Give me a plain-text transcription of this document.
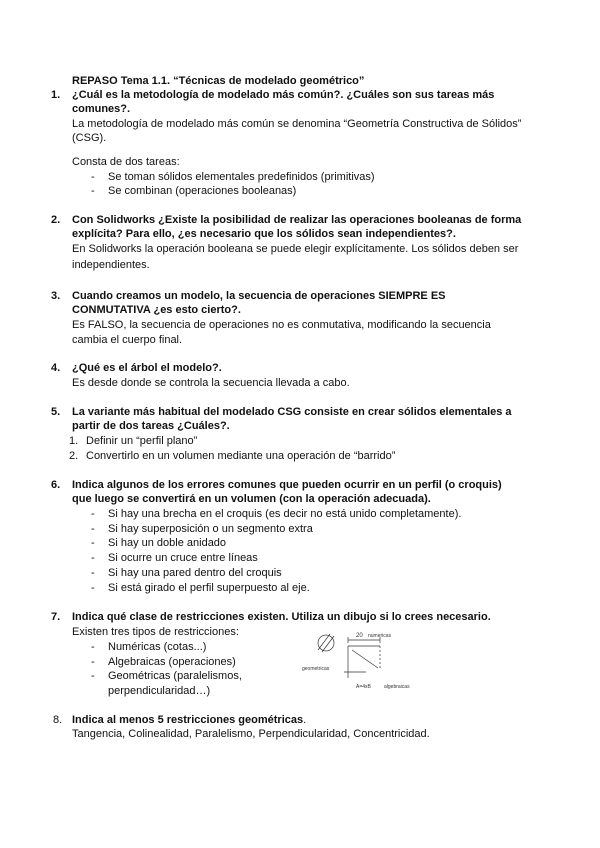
REPASO Tema 1.1. “Técnicas de modelado geométrico”
1. ¿Cuál es la metodología de modelado más común?. ¿Cuáles son sus tareas más
comunes?.
La metodología de modelado más común se denomina “Geometría Constructiva de Sólidos”
(CSG).
Consta de dos tareas:
- Se toman sólidos elementales predefinidos (primitivas)
- Se combinan (operaciones booleanas)
2. Con Solidworks ¿Existe la posibilidad de realizar las operaciones booleanas de forma
explícita? Para ello, ¿es necesario que los sólidos sean independientes?.
En Solidworks la operación booleana se puede elegir explícitamente. Los sólidos deben ser
independientes.
3. Cuando creamos un modelo, la secuencia de operaciones SIEMPRE ES
CONMUTATIVA ¿es esto cierto?.
Es FALSO, la secuencia de operaciones no es conmutativa, modificando la secuencia
cambia el cuerpo final.
4. ¿Qué es el árbol el modelo?.
Es desde donde se controla la secuencia llevada a cabo.
5. La variante más habitual del modelado CSG consiste en crear sólidos elementales a
partir de dos tareas ¿Cuáles?.
1. Definir un “perfil plano”
2. Convertirlo en un volumen mediante una operación de “barrido”
6. Indica algunos de los errores comunes que pueden ocurrir en un perfil (o croquis)
que luego se convertirá en un volumen (con la operación adecuada).
- Si hay una brecha en el croquis (es decir no está unido completamente).
- Si hay superposición o un segmento extra
- Si hay un doble anidado
- Si ocurre un cruce entre líneas
- Si hay una pared dentro del croquis
- Si está girado el perfil superpuesto al eje.
7. Indica qué clase de restricciones existen. Utiliza un dibujo si lo crees necesario.
Existen tres tipos de restricciones:
- Numéricas (cotas...)
- Algebraicas (operaciones)
- Geométricas (paralelismos,
perpendicularidad…)
20 numericas
geometricas
A=4xB	algebraicas
8. Indica al menos 5 restricciones geométricas.
Tangencia, Colinealidad, Paralelismo, Perpendicularidad, Concentricidad.
